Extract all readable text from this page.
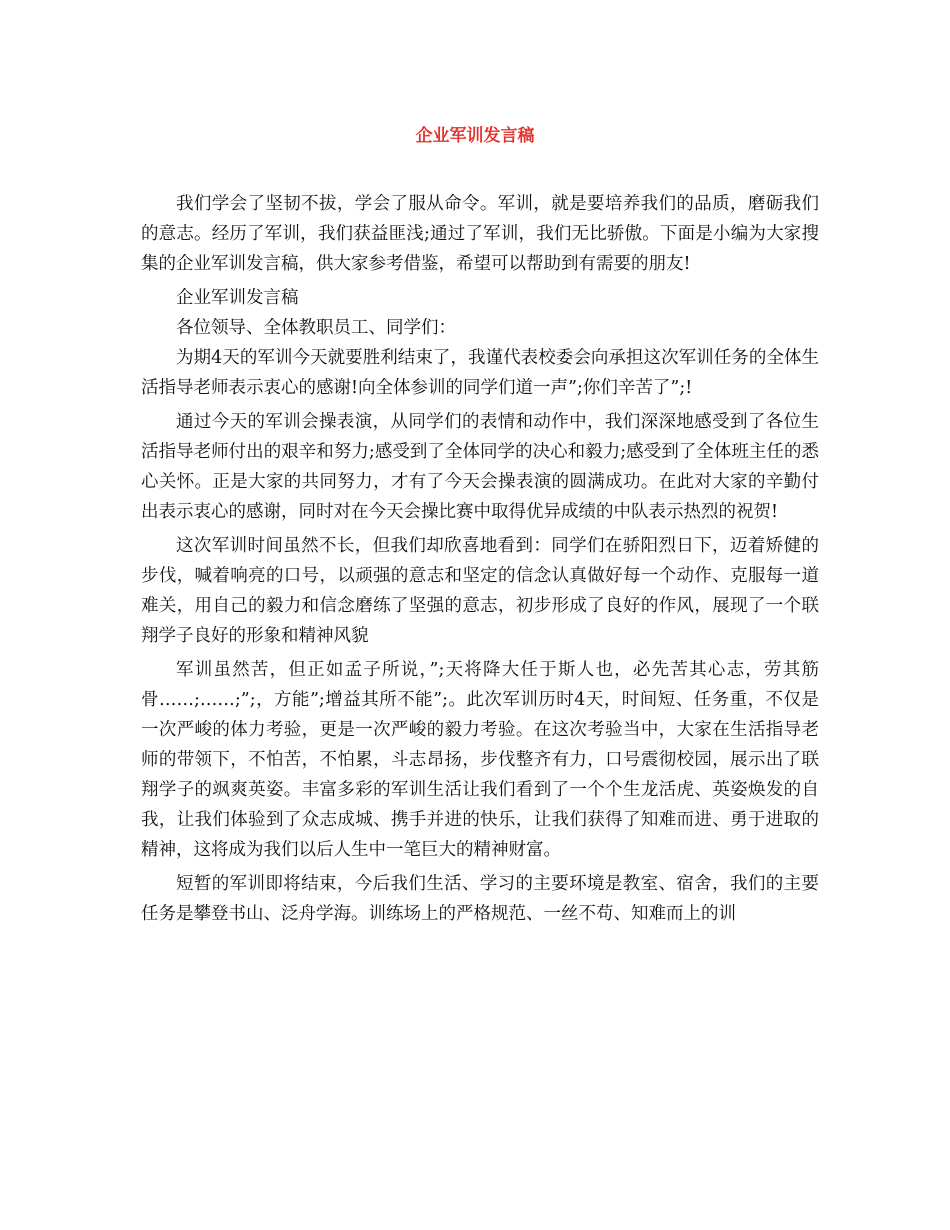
企业军训发言稿

我们学会了坚韧不拔，学会了服从命令。军训，就是要培养我们的品质，磨砺我们的意志。经历了军训，我们获益匪浅;通过了军训，我们无比骄傲。下面是小编为大家搜集的企业军训发言稿，供大家参考借鉴，希望可以帮助到有需要的朋友!

企业军训发言稿

各位领导、全体教职员工、同学们：

为期4天的军训今天就要胜利结束了，我谨代表校委会向承担这次军训任务的全体生活指导老师表示衷心的感谢!向全体参训的同学们道一声”;你们辛苦了”;!

通过今天的军训会操表演，从同学们的表情和动作中，我们深深地感受到了各位生活指导老师付出的艰辛和努力;感受到了全体同学的决心和毅力;感受到了全体班主任的悉心关怀。正是大家的共同努力，才有了今天会操表演的圆满成功。在此对大家的辛勤付出表示衷心的感谢，同时对在今天会操比赛中取得优异成绩的中队表示热烈的祝贺!

这次军训时间虽然不长，但我们却欣喜地看到：同学们在骄阳烈日下，迈着矫健的步伐，喊着响亮的口号，以顽强的意志和坚定的信念认真做好每一个动作、克服每一道难关，用自己的毅力和信念磨练了坚强的意志，初步形成了良好的作风，展现了一个联翔学子良好的形象和精神风貌

军训虽然苦，但正如孟子所说，”;天将降大任于斯人也，必先苦其心志，劳其筋骨……;……;”;，方能”;增益其所不能”;。此次军训历时4天，时间短、任务重，不仅是一次严峻的体力考验，更是一次严峻的毅力考验。在这次考验当中，大家在生活指导老师的带领下，不怕苦，不怕累，斗志昂扬，步伐整齐有力，口号震彻校园，展示出了联翔学子的飒爽英姿。丰富多彩的军训生活让我们看到了一个个生龙活虎、英姿焕发的自我，让我们体验到了众志成城、携手并进的快乐，让我们获得了知难而进、勇于进取的精神，这将成为我们以后人生中一笔巨大的精神财富。

短暂的军训即将结束，今后我们生活、学习的主要环境是教室、宿舍，我们的主要任务是攀登书山、泛舟学海。训练场上的严格规范、一丝不苟、知难而上的训
